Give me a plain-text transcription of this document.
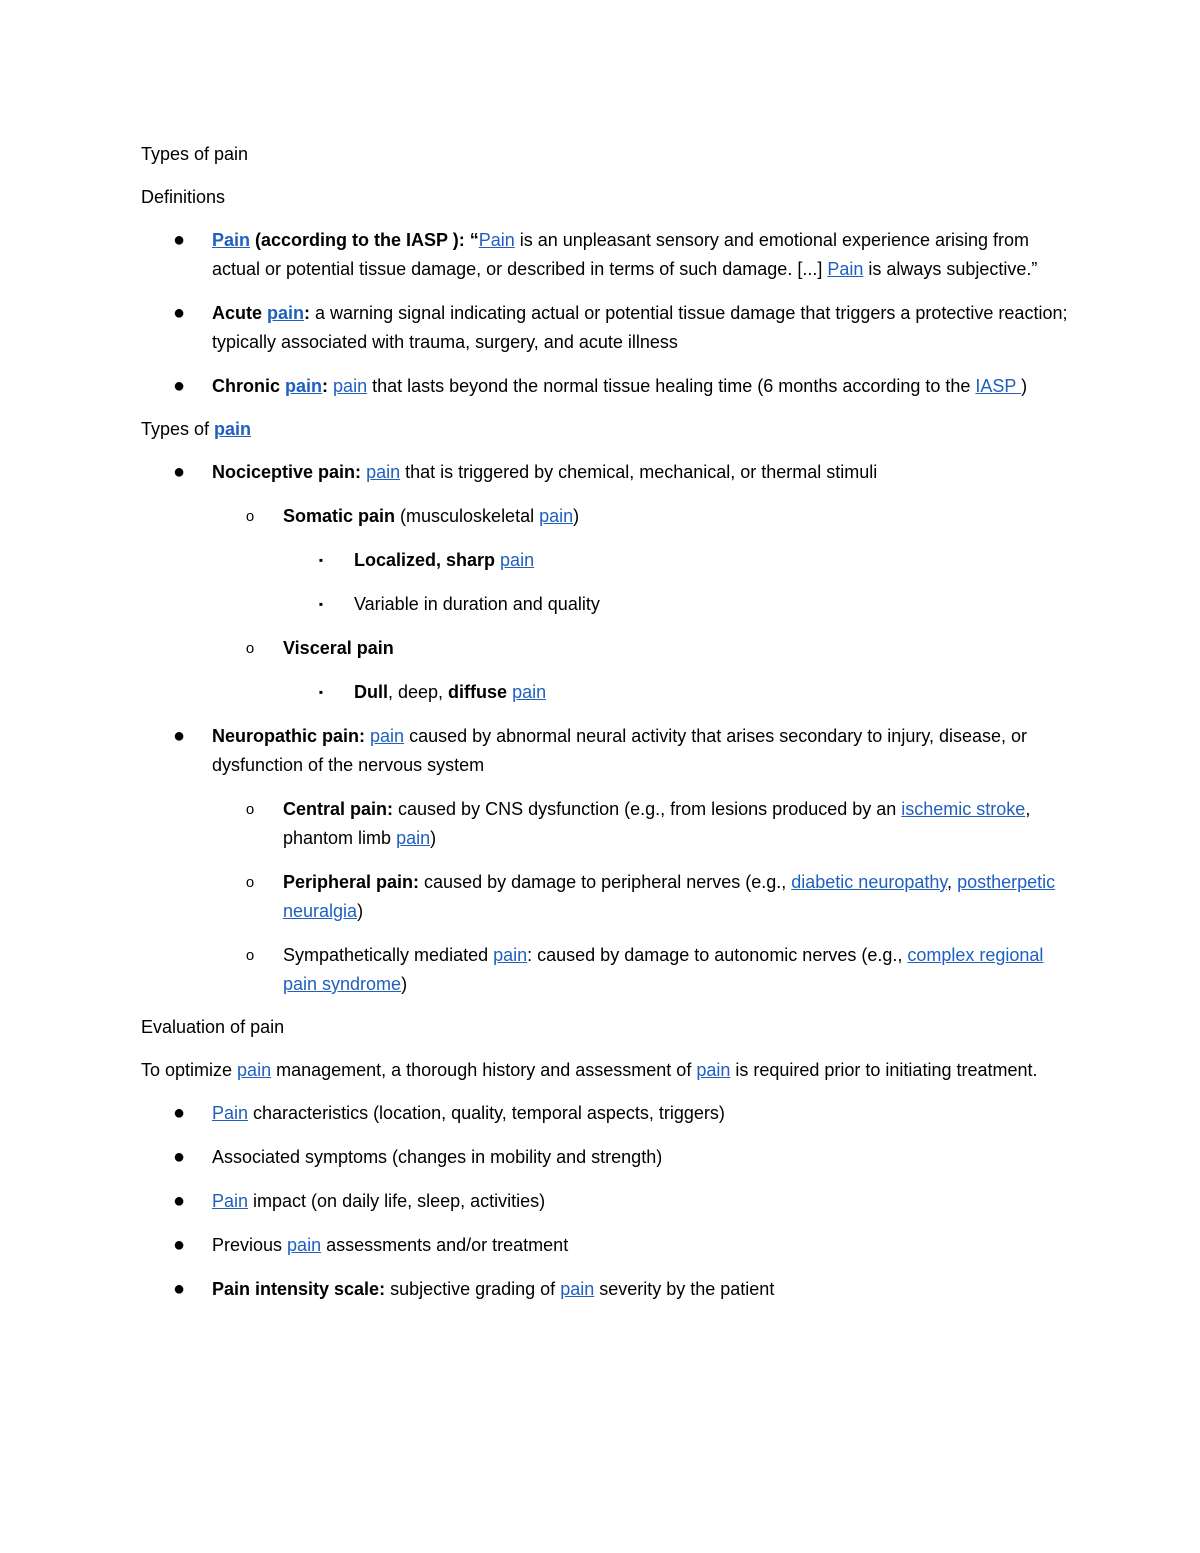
Types of pain
Definitions
● Pain (according to the IASP ): “Pain is an unpleasant sensory and emotional experience arising from actual or potential tissue damage, or described in terms of such damage. [...] Pain is always subjective.”
● Acute pain: a warning signal indicating actual or potential tissue damage that triggers a protective reaction; typically associated with trauma, surgery, and acute illness
● Chronic pain: pain that lasts beyond the normal tissue healing time (6 months according to the IASP )
Types of pain
● Nociceptive pain: pain that is triggered by chemical, mechanical, or thermal stimuli
o	Somatic pain (musculoskeletal pain)
▪	Localized, sharp pain
▪	Variable in duration and quality
o	Visceral pain
▪	Dull, deep, diffuse pain
● Neuropathic pain: pain caused by abnormal neural activity that arises secondary to injury, disease, or dysfunction of the nervous system
o	Central pain: caused by CNS dysfunction (e.g., from lesions produced by an ischemic stroke, phantom limb pain)
o	Peripheral pain: caused by damage to peripheral nerves (e.g., diabetic neuropathy, postherpetic neuralgia)
o	Sympathetically mediated pain: caused by damage to autonomic nerves (e.g., complex regional pain syndrome)
Evaluation of pain
To optimize pain management, a thorough history and assessment of pain is required prior to initiating treatment.
● Pain characteristics (location, quality, temporal aspects, triggers)
● Associated symptoms (changes in mobility and strength)
● Pain impact (on daily life, sleep, activities)
● Previous pain assessments and/or treatment
● Pain intensity scale: subjective grading of pain severity by the patient
